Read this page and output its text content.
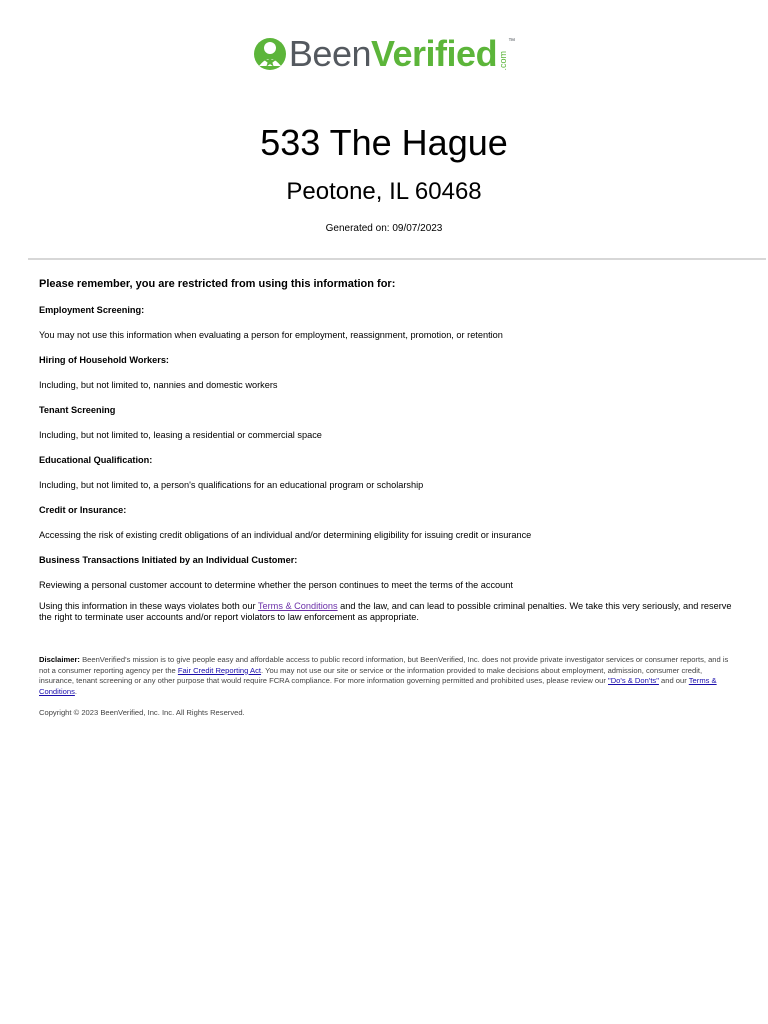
BeenVerified .com
™
533 The Hague
Peotone, IL 60468
Generated on: 09/07/2023

Please remember, you are restricted from using this information for:

Employment Screening:

You may not use this information when evaluating a person for employment, reassignment, promotion, or retention

Hiring of Household Workers:

Including, but not limited to, nannies and domestic workers

Tenant Screening

Including, but not limited to, leasing a residential or commercial space

Educational Qualification:

Including, but not limited to, a person's qualifications for an educational program or scholarship

Credit or Insurance:

Accessing the risk of existing credit obligations of an individual and/or determining eligibility for issuing credit or insurance

Business Transactions Initiated by an Individual Customer:

Reviewing a personal customer account to determine whether the person continues to meet the terms of the account

Using this information in these ways violates both our Terms & Conditions and the law, and can lead to possible criminal penalties. We take this very seriously, and reserve the right to terminate user accounts and/or report violators to law enforcement as appropriate.
Disclaimer: BeenVerified's mission is to give people easy and affordable access to public record information, but BeenVerified, Inc. does not provide private investigator services or consumer reports, and is not a consumer reporting agency per the Fair Credit Reporting Act. You may not use our site or service or the information provided to make decisions about employment, admission, consumer credit, insurance, tenant screening or any other purpose that would require FCRA compliance. For more information governing permitted and prohibited uses, please review our "Do's & Don'ts" and our Terms & Conditions.
Copyright © 2023 BeenVerified, Inc. Inc. All Rights Reserved.
